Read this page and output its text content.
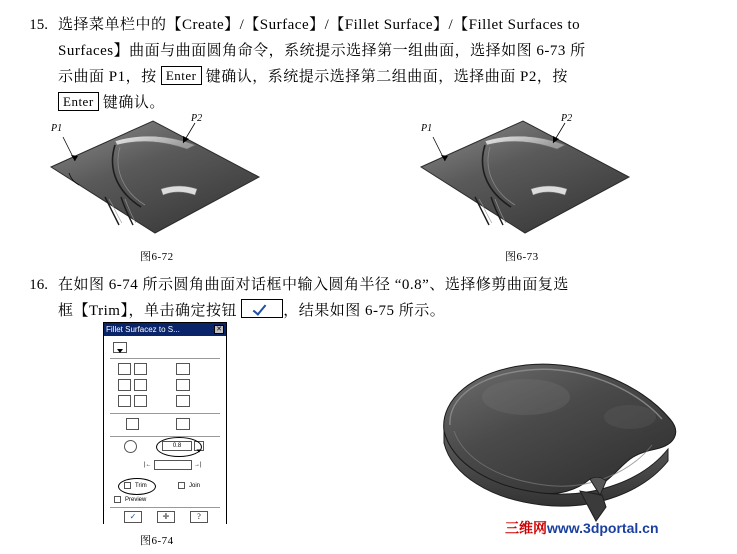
15. 选择菜单栏中的【Create】/【Surface】/【Fillet Surface】/【Fillet Surfaces to

Surfaces】曲面与曲面圆角命令，系统提示选择第一组曲面，选择如图 6-73 所

示曲面 P1，按 Enter 键确认，系统提示选择第二组曲面，选择曲面 P2，按

Enter 键确认。

P1
P2
图6-72
P1
P2
图6-73
16. 在如图 6-74 所示圆角曲面对话框中输入圆角半径 “0.8”、选择修剪曲面复选

框【Trim】，单击确定按钮	，结果如图 6-75 所示。

Fillet Surfacez to S...	✕
0.8
|←	→|
Trim	Join
Preview
✓	✛	?
图6-74
三维网www.3dportal.cn
